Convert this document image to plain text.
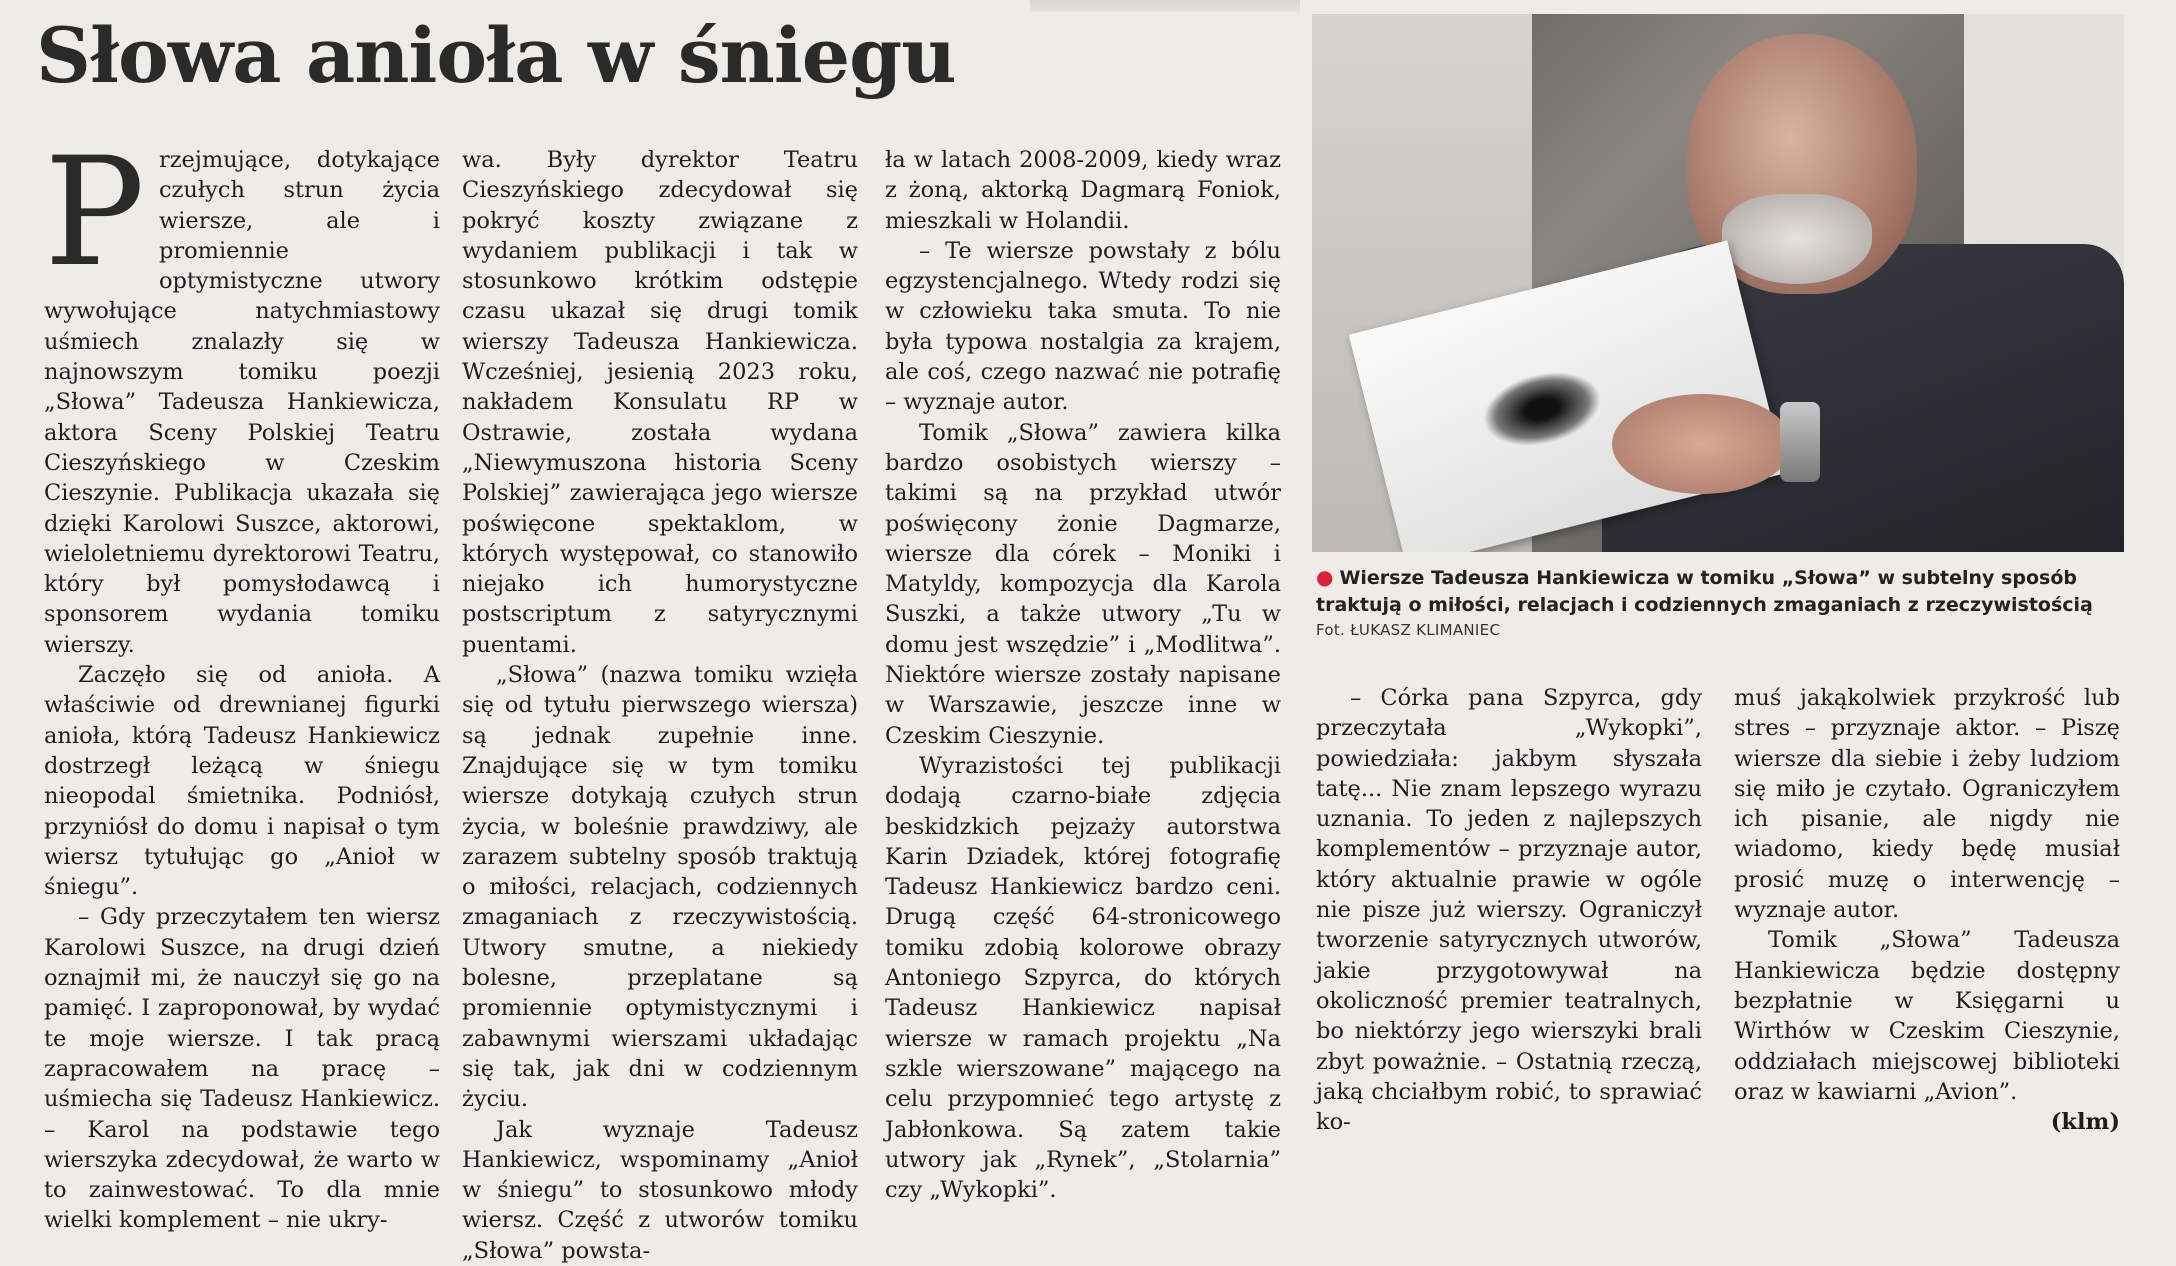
Słowa anioła w śniegu

Przejmujące, dotykające czułych strun życia wiersze, ale i promiennie optymistyczne utwory wywołujące natychmiastowy uśmiech znalazły się w najnowszym tomiku poezji „Słowa” Tadeusza Hankiewicza, aktora Sceny Polskiej Teatru Cieszyńskiego w Czeskim Cieszynie. Publikacja ukazała się dzięki Karolowi Suszce, aktorowi, wieloletniemu dyrektorowi Teatru, który był pomysłodawcą i sponsorem wydania tomiku wierszy.

Zaczęło się od anioła. A właściwie od drewnianej figurki anioła, którą Tadeusz Hankiewicz dostrzegł leżącą w śniegu nieopodal śmietnika. Podniósł, przyniósł do domu i napisał o tym wiersz tytułując go „Anioł w śniegu”.

– Gdy przeczytałem ten wiersz Karolowi Suszce, na drugi dzień oznajmił mi, że nauczył się go na pamięć. I zaproponował, by wydać te moje wiersze. I tak pracą zapracowałem na pracę – uśmiecha się Tadeusz Hankiewicz. – Karol na podstawie tego wierszyka zdecydował, że warto w to zainwestować. To dla mnie wielki komplement – nie ukry-

wa. Były dyrektor Teatru Cieszyńskiego zdecydował się pokryć koszty związane z wydaniem publikacji i tak w stosunkowo krótkim odstępie czasu ukazał się drugi tomik wierszy Tadeusza Hankiewicza. Wcześniej, jesienią 2023 roku, nakładem Konsulatu RP w Ostrawie, została wydana „Niewymuszona historia Sceny Polskiej” zawierająca jego wiersze poświęcone spektaklom, w których występował, co stanowiło niejako ich humorystyczne postscriptum z satyrycznymi puentami.

„Słowa” (nazwa tomiku wzięła się od tytułu pierwszego wiersza) są jednak zupełnie inne. Znajdujące się w tym tomiku wiersze dotykają czułych strun życia, w boleśnie prawdziwy, ale zarazem subtelny sposób traktują o miłości, relacjach, codziennych zmaganiach z rzeczywistością. Utwory smutne, a niekiedy bolesne, przeplatane są promiennie optymistycznymi i zabawnymi wierszami układając się tak, jak dni w codziennym życiu.

Jak wyznaje Tadeusz Hankiewicz, wspominamy „Anioł w śniegu” to stosunkowo młody wiersz. Część z utworów tomiku „Słowa” powsta-

ła w latach 2008-2009, kiedy wraz z żoną, aktorką Dagmarą Foniok, mieszkali w Holandii.

– Te wiersze powstały z bólu egzystencjalnego. Wtedy rodzi się w człowieku taka smuta. To nie była typowa nostalgia za krajem, ale coś, czego nazwać nie potrafię – wyznaje autor.

Tomik „Słowa” zawiera kilka bardzo osobistych wierszy – takimi są na przykład utwór poświęcony żonie Dagmarze, wiersze dla córek – Moniki i Matyldy, kompozycja dla Karola Suszki, a także utwory „Tu w domu jest wszędzie” i „Modlitwa”. Niektóre wiersze zostały napisane w Warszawie, jeszcze inne w Czeskim Cieszynie.

Wyrazistości tej publikacji dodają czarno-białe zdjęcia beskidzkich pejzaży autorstwa Karin Dziadek, której fotografię Tadeusz Hankiewicz bardzo ceni. Drugą część 64-stronicowego tomiku zdobią kolorowe obrazy Antoniego Szpyrca, do których Tadeusz Hankiewicz napisał wiersze w ramach projektu „Na szkle wierszowane” mającego na celu przypomnieć tego artystę z Jabłonkowa. Są zatem takie utwory jak „Rynek”, „Stolarnia” czy „Wykopki”.

● Wiersze Tadeusza Hankiewicza w tomiku „Słowa” w subtelny sposób traktują o miłości, relacjach i codziennych zmaganiach z rzeczywistością

Fot. ŁUKASZ KLIMANIEC

– Córka pana Szpyrca, gdy przeczytała „Wykopki”, powiedziała: jakbym słyszała tatę... Nie znam lepszego wyrazu uznania. To jeden z najlepszych komplementów – przyznaje autor, który aktualnie prawie w ogóle nie pisze już wierszy. Ograniczył tworzenie satyrycznych utworów, jakie przygotowywał na okoliczność premier teatralnych, bo niektórzy jego wierszyki brali zbyt poważnie. – Ostatnią rzeczą, jaką chciałbym robić, to sprawiać ko-

muś jakąkolwiek przykrość lub stres – przyznaje aktor. – Piszę wiersze dla siebie i żeby ludziom się miło je czytało. Ograniczyłem ich pisanie, ale nigdy nie wiadomo, kiedy będę musiał prosić muzę o interwencję – wyznaje autor.

Tomik „Słowa” Tadeusza Hankiewicza będzie dostępny bezpłatnie w Księgarni u Wirthów w Czeskim Cieszynie, oddziałach miejscowej biblioteki oraz w kawiarni „Avion”.

(klm)
